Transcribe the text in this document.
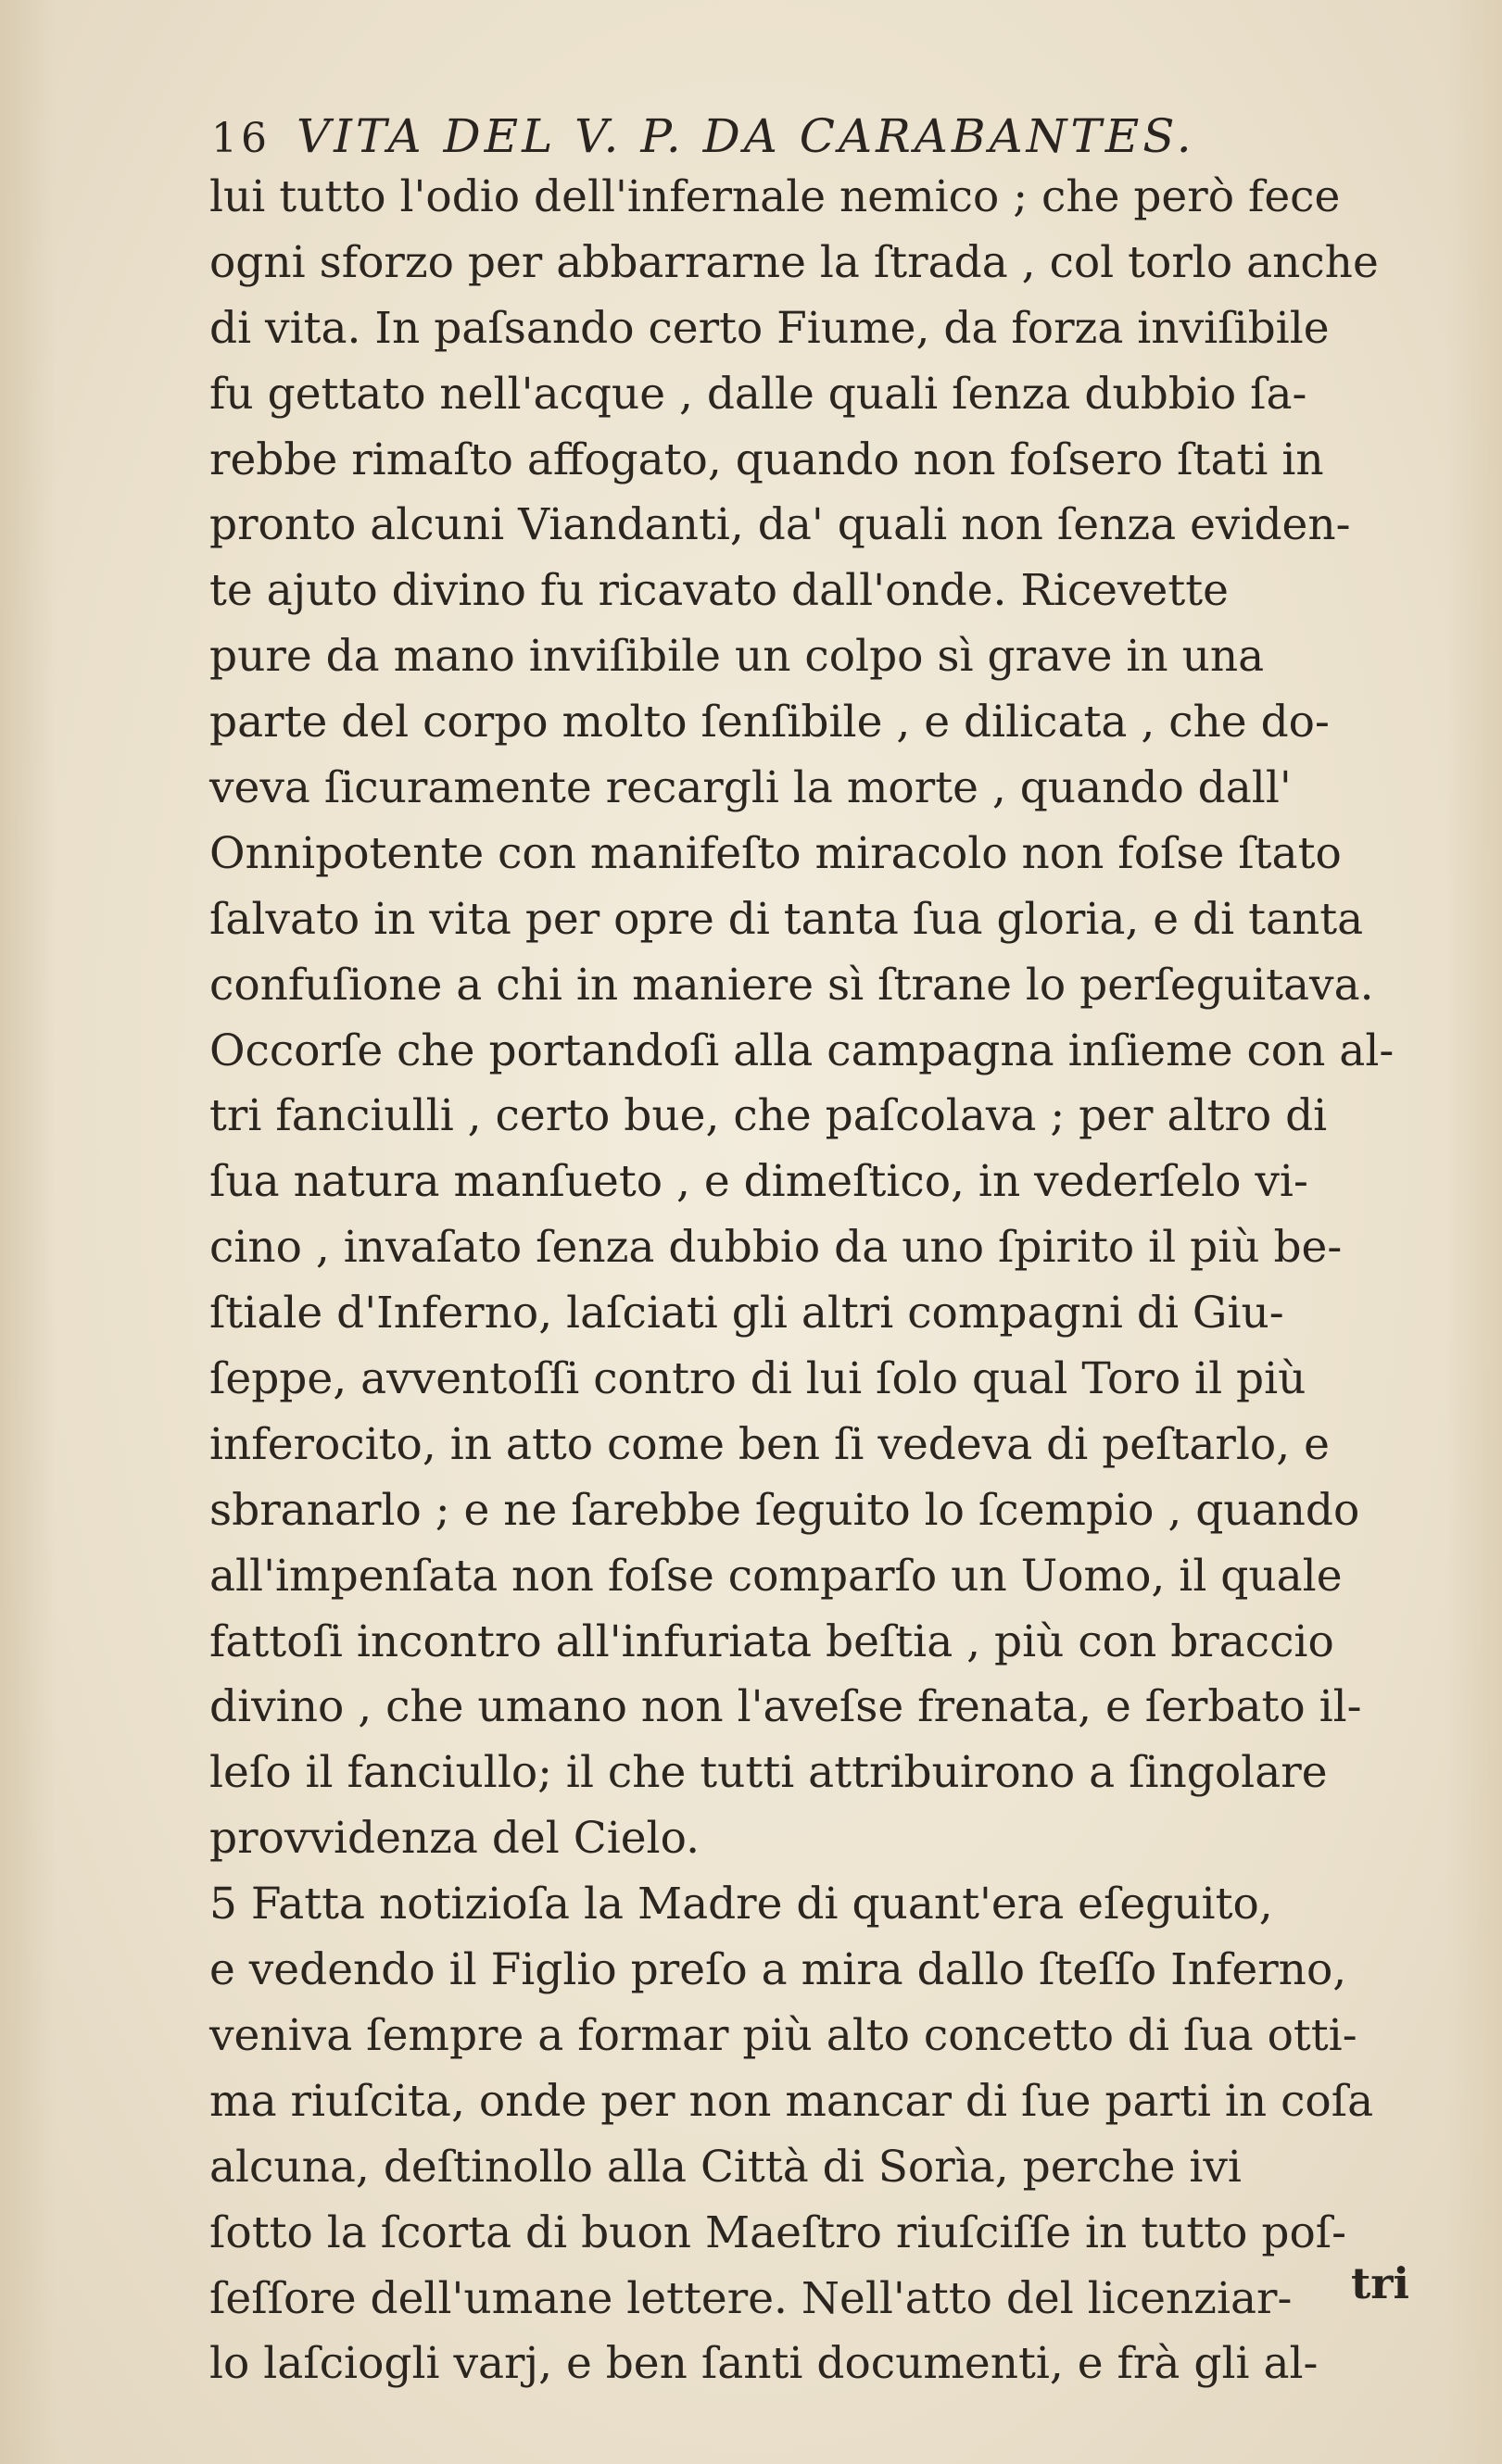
16 VITA DEL V. P. DA CARABANTES.
lui tutto l'odio dell'infernale nemico ; che però fece
ogni sforzo per abbarrarne la ſtrada , col torlo anche
di vita. In paſsando certo Fiume, da forza inviſibile
fu gettato nell'acque , dalle quali ſenza dubbio ſa-
rebbe rimaſto affogato, quando non foſsero ſtati in
pronto alcuni Viandanti, da' quali non ſenza eviden-
te ajuto divino fu ricavato dall'onde. Ricevette
pure da mano inviſibile un colpo sì grave in una
parte del corpo molto ſenſibile , e dilicata , che do-
veva ſicuramente recargli la morte , quando dall'
Onnipotente con manifeſto miracolo non foſse ſtato
ſalvato in vita per opre di tanta ſua gloria, e di tanta
confuſione a chi in maniere sì ſtrane lo perſeguitava.
Occorſe che portandoſi alla campagna inſieme con al-
tri fanciulli , certo bue, che paſcolava ; per altro di
ſua natura manſueto , e dimeſtico, in vederſelo vi-
cino , invaſato ſenza dubbio da uno ſpirito il più be-
ſtiale d'Inferno, laſciati gli altri compagni di Giu-
ſeppe, avventoſſi contro di lui ſolo qual Toro il più
inferocito, in atto come ben ſi vedeva di peſtarlo, e
sbranarlo ; e ne ſarebbe ſeguito lo ſcempio , quando
all'impenſata non foſse comparſo un Uomo, il quale
fattoſi incontro all'infuriata beſtia , più con braccio
divino , che umano non l'aveſse frenata, e ſerbato il-
leſo il fanciullo; il che tutti attribuirono a ſingolare
provvidenza del Cielo.
5 Fatta notizioſa la Madre di quant'era eſeguito,
e vedendo il Figlio preſo a mira dallo ſteſſo Inferno,
veniva ſempre a formar più alto concetto di ſua otti-
ma riuſcita, onde per non mancar di ſue parti in coſa
alcuna, deſtinollo alla Città di Sorìa, perche ivi
ſotto la ſcorta di buon Maeſtro riuſciſſe in tutto poſ-
ſeſſore dell'umane lettere. Nell'atto del licenziar-
lo laſciogli varj, e ben ſanti documenti, e frà gli al-
tri
